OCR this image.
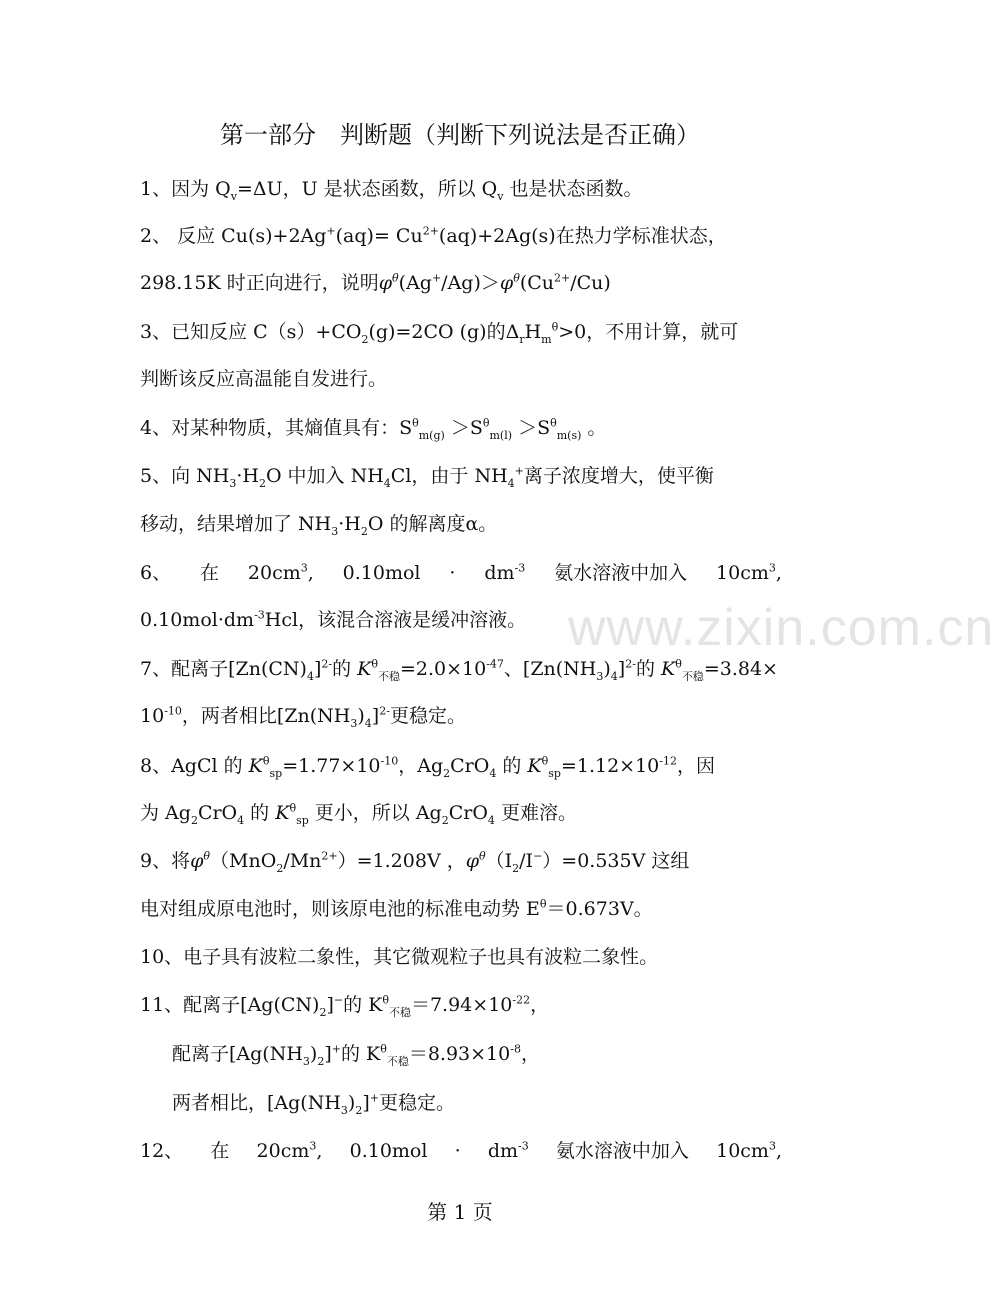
第一部分　判断题（判断下列说法是否正确）
1、因为 $Q_v=\Delta U$，U 是状态函数，所以 $Q_v$ 也是状态函数。
2、 反应 $Cu(s)+2Ag^+(aq)= Cu^{2+}(aq)+2Ag(s)$在热力学标准状态，
298.15K 时正向进行，说明$\varphi^\theta(Ag^+/Ag)>\varphi^\theta(Cu^{2+}/Cu)$
3、已知反应 $C(s)+CO_2(g)=2CO$ (g)的$\Delta_rH_m^\theta>0$，不用计算，就可
判断该反应高温能自发进行。
4、对某种物质，其熵值具有：$S^\theta_{m(g)} >S^\theta_{m(l)} >S^\theta_{m(s)}$ 。
5、向 $NH_3\cdot H_2O$ 中加入 $NH_4Cl$，由于 $NH_4^+$离子浓度增大，使平衡
移动，结果增加了 $NH_3\cdot H_2O$ 的解离度α。
6、 在 $20cm^3$, $0.10mol \cdot dm^{-3}$ 氨水溶液中加入 $10cm^3$,
$0.10mol\cdot dm^{-3}Hcl$，该混合溶液是缓冲溶液。
7、配离子$[Zn(CN)_4]^{2-}$的 $K^\theta_{不稳}=2.0\times 10^{-47}$、$[Zn(NH_3)_4]^{2-}$的 $K^\theta_{不稳}=3.84\times$
$10^{-10}$，两者相比$[Zn(NH_3)_4]^{2-}$更稳定。
8、AgCl 的 $K^\theta_{sp}=1.77\times 10^{-10}$，$Ag_2CrO_4$ 的 $K^\theta_{sp}=1.12\times 10^{-12}$，因
为 $Ag_2CrO_4$ 的 $K^\theta_{sp}$ 更小，所以 $Ag_2CrO_4$ 更难溶。
9、将$\varphi^\theta(MnO_2/Mn^{2+})=1.208V$ ，$\varphi^\theta(I_2/I^-)=0.535V$ 这组
电对组成原电池时，则该原电池的标准电动势 $E^\theta=0.673V$。
10、电子具有波粒二象性，其它微观粒子也具有波粒二象性。
11、配离子$[Ag(CN)_2]^-$的 $K^\theta_{不稳}=7.94\times 10^{-22}$，
配离子$[Ag(NH_3)_2]^+$的 $K^\theta_{不稳}=8.93\times 10^{-8}$，
两者相比，$[Ag(NH_3)_2]^+$更稳定。
12、 在 $20cm^3$, $0.10mol \cdot dm^{-3}$ 氨水溶液中加入 $10cm^3$,
www.zixin.com.cn
第 1 页
